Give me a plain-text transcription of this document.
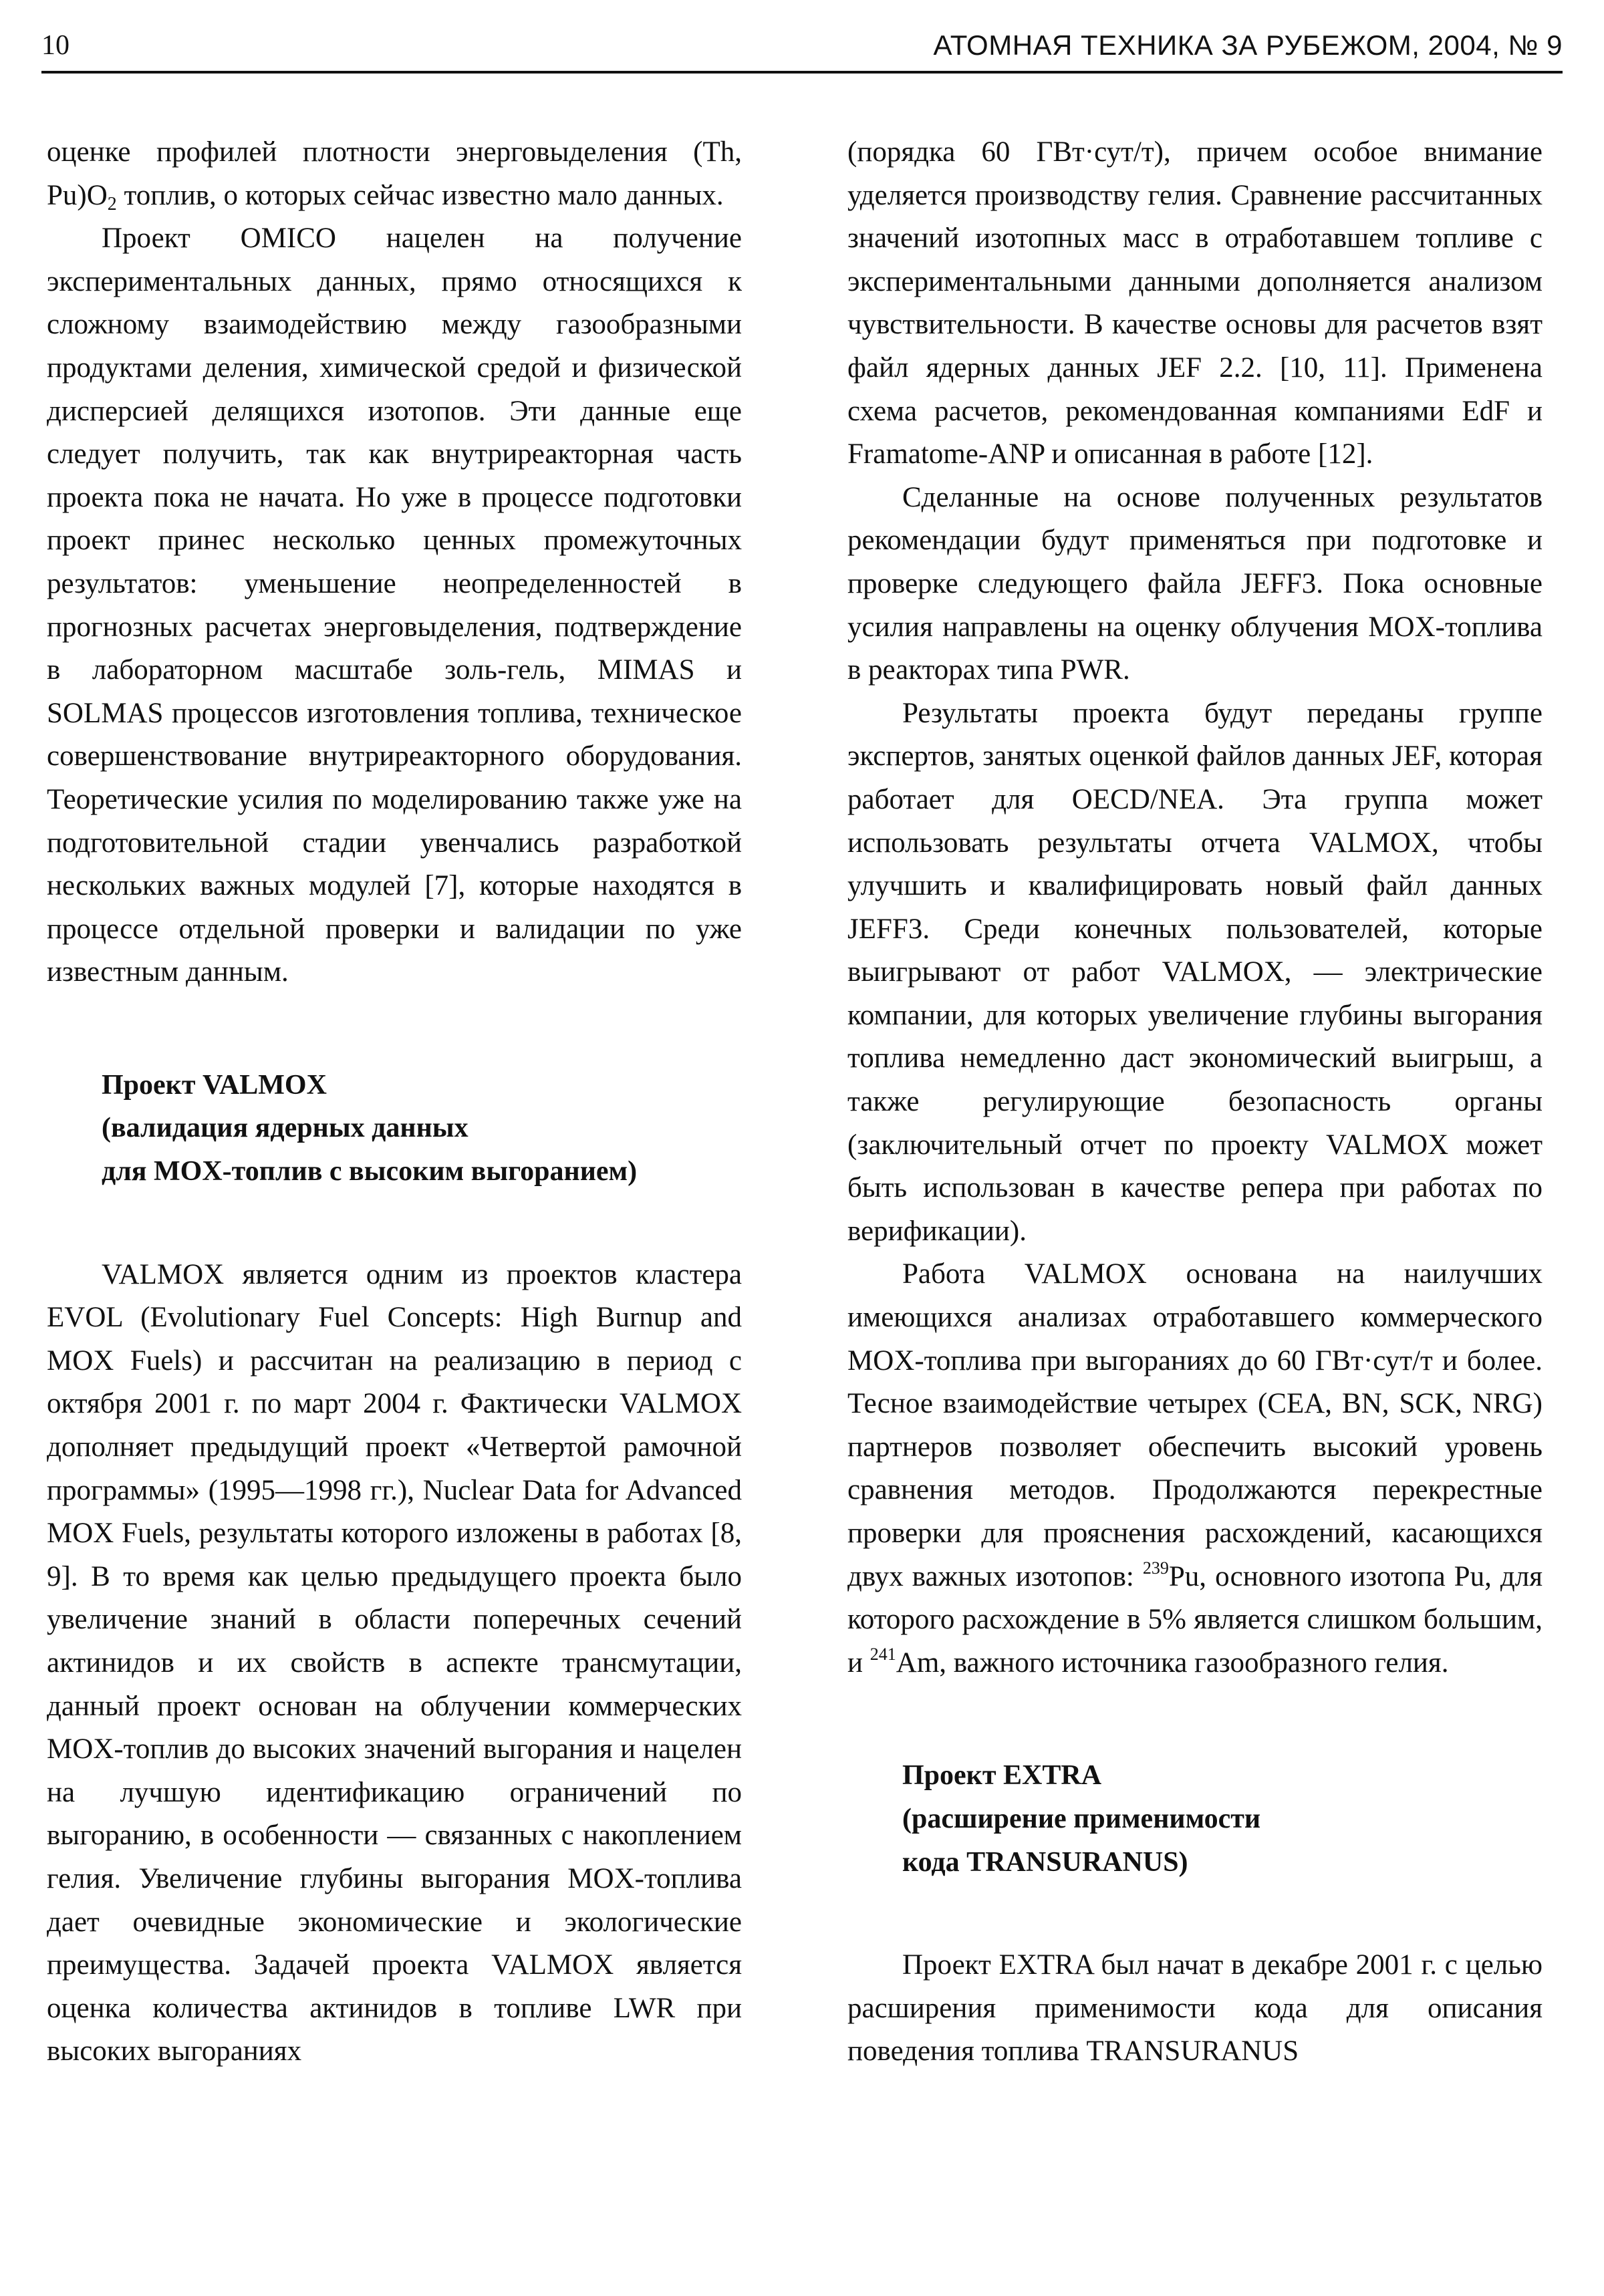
10	АТОМНАЯ ТЕХНИКА ЗА РУБЕЖОМ, 2004, № 9

оценке профилей плотности энерговыделения (Th, $Pu)O_2$ топлив, о которых сейчас известно мало данных.

Проект OMICO нацелен на получение экспериментальных данных, прямо относящихся к сложному взаимодействию между газообразными продуктами деления, химической средой и физической дисперсией делящихся изотопов. Эти данные еще следует получить, так как внутриреакторная часть проекта пока не начата. Но уже в процессе подготовки проект принес несколько ценных промежуточных результатов: уменьшение неопределенностей в прогнозных расчетах энерговыделения, подтверждение в лабораторном масштабе золь-гель, MIMAS и SOLMAS процессов изготовления топлива, техническое совершенствование внутриреакторного оборудования. Теоретические усилия по моделированию также уже на подготовительной стадии увенчались разработкой нескольких важных модулей [7], которые находятся в процессе отдельной проверки и валидации по уже известным данным.

Проект VALMOX

(валидация ядерных данных

для MOX-топлив с высоким выгоранием)

VALMOX является одним из проектов кластера EVOL (Evolutionary Fuel Concepts: High Burnup and MOX Fuels) и рассчитан на реализацию в период с октября 2001 г. по март 2004 г. Фактически VALMOX дополняет предыдущий проект «Четвертой рамочной программы» (1995—1998 гг.), Nuclear Data for Advanced MOX Fuels, результаты которого изложены в работах [8, 9]. В то время как целью предыдущего проекта было увеличение знаний в области поперечных сечений актинидов и их свойств в аспекте трансмутации, данный проект основан на облучении коммерческих MOX-топлив до высоких значений выгорания и нацелен на лучшую идентификацию ограничений по выгоранию, в особенности — связанных с накоплением гелия. Увеличение глубины выгорания MOX-топлива дает очевидные экономические и экологические преимущества. Задачей проекта VALMOX является оценка количества актинидов в топливе LWR при высоких выгораниях

(порядка 60 ГВт·сут/т), причем особое внимание уделяется производству гелия. Сравнение рассчитанных значений изотопных масс в отработавшем топливе с экспериментальными данными дополняется анализом чувствительности. В качестве основы для расчетов взят файл ядерных данных JEF 2.2. [10, 11]. Применена схема расчетов, рекомендованная компаниями EdF и Framatome-ANP и описанная в работе [12].

Сделанные на основе полученных результатов рекомендации будут применяться при подготовке и проверке следующего файла JEFF3. Пока основные усилия направлены на оценку облучения MOX-топлива в реакторах типа PWR.

Результаты проекта будут переданы группе экспертов, занятых оценкой файлов данных JEF, которая работает для OECD/NEA. Эта группа может использовать результаты отчета VALMOX, чтобы улучшить и квалифицировать новый файл данных JEFF3. Среди конечных пользователей, которые выигрывают от работ VALMOX, — электрические компании, для которых увеличение глубины выгорания топлива немедленно даст экономический выигрыш, а также регулирующие безопасность органы (заключительный отчет по проекту VALMOX может быть использован в качестве репера при работах по верификации).

Работа VALMOX основана на наилучших имеющихся анализах отработавшего коммерческого MOX-топлива при выгораниях до 60 ГВт·сут/т и более. Тесное взаимодействие четырех (CEA, BN, SCK, NRG) партнеров позволяет обеспечить высокий уровень сравнения методов. Продолжаются перекрестные проверки для прояснения расхождений, касающихся двух важных изотопов: $^{239}$Pu, основного изотопа Pu, для которого расхождение в 5% является слишком большим, и $^{241}$Am, важного источника газообразного гелия.

Проект EXTRA

(расширение применимости

кода TRANSURANUS)

Проект EXTRA был начат в декабре 2001 г. с целью расширения применимости кода для описания поведения топлива TRANSURANUS
